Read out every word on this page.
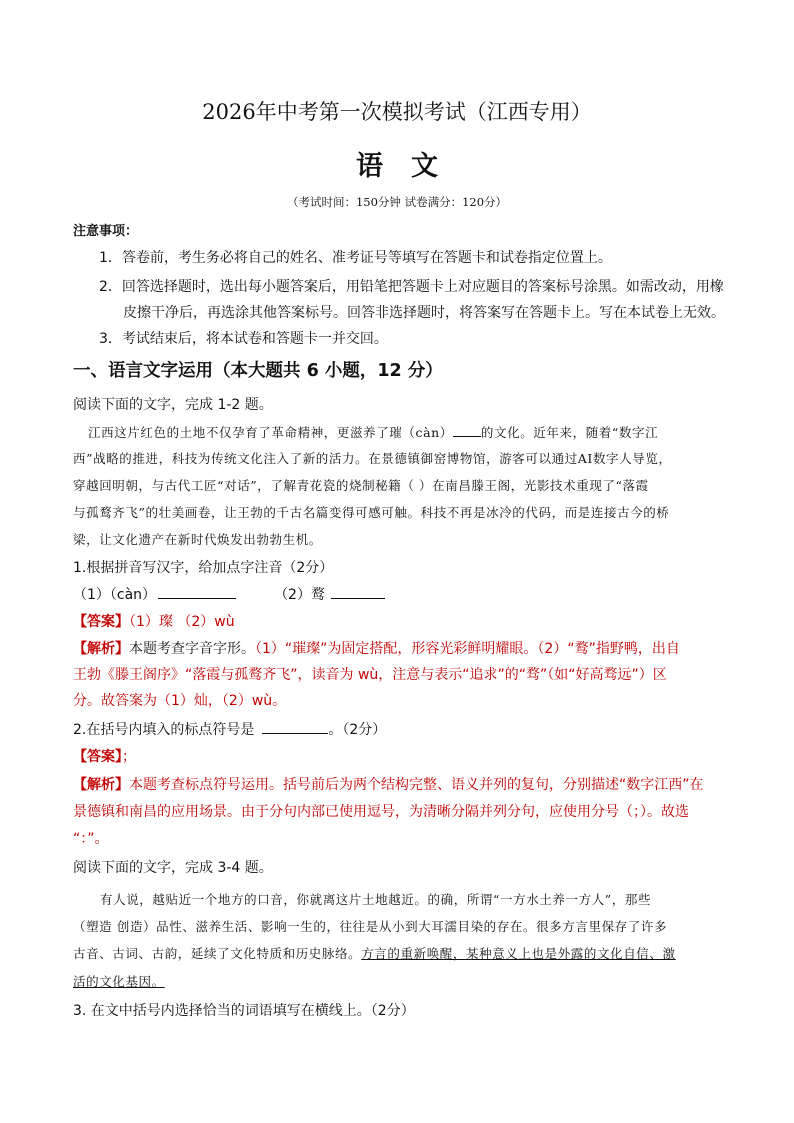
2026年中考第一次模拟考试（江西专用）
语文
（考试时间：150分钟 试卷满分：120分）
注意事项：
1．答卷前，考生务必将自己的姓名、准考证号等填写在答题卡和试卷指定位置上。
2．回答选择题时，选出每小题答案后，用铅笔把答题卡上对应题目的答案标号涂黑。如需改动，用橡
皮擦干净后，再选涂其他答案标号。回答非选择题时，将答案写在答题卡上。写在本试卷上无效。
3．考试结束后，将本试卷和答题卡一并交回。
一、语言文字运用（本大题共 6 小题，12 分）
阅读下面的文字，完成 1-2 题。
江西这片红色的土地不仅孕育了革命精神，更滋养了璀（càn） 的文化。近年来，随着“数字江
西”战略的推进，科技为传统文化注入了新的活力。在景德镇御窑博物馆，游客可以通过AI数字人导览，
穿越回明朝，与古代工匠“对话”，了解青花瓷的烧制秘籍（ ）在南昌滕王阁，光影技术重现了“落霞
与孤鹜齐飞”的壮美画卷，让王勃的千古名篇变得可感可触。科技不再是冰冷的代码，而是连接古今的桥
梁，让文化遗产在新时代焕发出勃勃生机。
1.根据拼音写汉字，给加点字注音（2分）
（1）（càn）	（2）鹜
【答案】（1）璨 （2）wù
【解析】本题考查字音字形。（1）“璀璨”为固定搭配，形容光彩鲜明耀眼。（2）“鹜”指野鸭，出自
王勃《滕王阁序》“落霞与孤鹜齐飞”，读音为 wù，注意与表示“追求”的“骛”（如“好高骛远”）区
分。故答案为（1）灿，（2）wù。
2.在括号内填入的标点符号是	。（2分）
【答案】；
【解析】本题考查标点符号运用。括号前后为两个结构完整、语义并列的复句，分别描述“数字江西”在
景德镇和南昌的应用场景。由于分句内部已使用逗号，为清晰分隔并列分句，应使用分号（；）。故选
“：”。
阅读下面的文字，完成 3-4 题。
有人说，越贴近一个地方的口音，你就离这片土地越近。的确，所谓“一方水土养一方人”，那些
（塑造 创造）品性、滋养生活、影响一生的，往往是从小到大耳濡目染的存在。很多方言里保存了许多
古音、古词、古韵，延续了文化特质和历史脉络。方言的重新唤醒，某种意义上也是外露的文化自信、激
活的文化基因。
3. 在文中括号内选择恰当的词语填写在横线上。（2分）
